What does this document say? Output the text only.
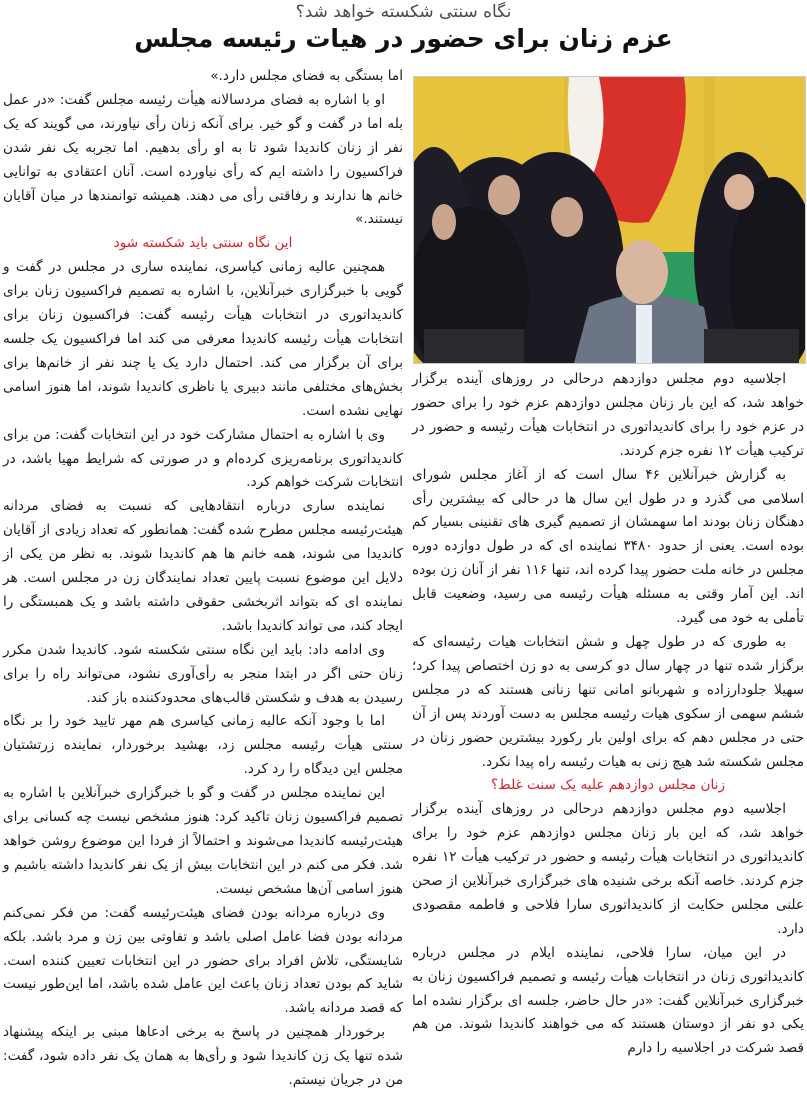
نگاه سنتی شکسته خواهد شد؟
عزم زنان برای حضور در هیات رئیسه مجلس

اما بستگی به فضای مجلس دارد.»

او با اشاره به فضای مردسالانه هیأت رئیسه مجلس گفت: «در عمل بله اما در گفت و گو خیر. برای آنکه زنان رأی نیاورند، می گویند که یک نفر از زنان کاندیدا شود تا به او رأی بدهیم. اما تجربه یک نفر شدن فراکسیون را داشته ایم که رأی نیاورده است. آنان اعتقادی به توانایی خانم ها ندارند و رفاقتی رأی می دهند. همیشه توانمندها در میان آقایان نیستند.»

این نگاه سنتی باید شکسته شود

همچنین عالیه زمانی کیاسری، نماینده ساری در مجلس در گفت و گویی با خبرگزاری خبرآنلاین، با اشاره به تصمیم فراکسیون زنان برای کاندیداتوری در انتخابات هیأت رئیسه گفت: فراکسیون زنان برای انتخابات هیأت رئیسه کاندیدا معرفی می کند اما فراکسیون یک جلسه برای آن برگزار می کند. احتمال دارد یک یا چند نفر از خانم‌ها برای بخش‌های مختلفی مانند دبیری یا ناظری کاندیدا شوند، اما هنوز اسامی نهایی نشده است.

وی با اشاره به احتمال مشارکت خود در این انتخابات گفت: من برای کاندیداتوری برنامه‌ریزی کرده‌ام و در صورتی که شرایط مهیا باشد، در انتخابات شرکت خواهم کرد.

نماینده ساری درباره انتقادهایی که نسبت به فضای مردانه هیئت‌رئیسه مجلس مطرح شده گفت: همانطور که تعداد زیادی از آقایان کاندیدا می شوند، همه خانم ها هم کاندیدا شوند. به نظر من یکی از دلایل این موضوع نسبت پایین تعداد نمایندگان زن در مجلس است. هر نماینده ای که بتواند اثربخشی حقوقی داشته باشد و یک همبستگی را ایجاد کند، می تواند کاندیدا باشد.

وی ادامه داد: باید این نگاه سنتی شکسته شود. کاندیدا شدن مکرر زنان حتی اگر در ابتدا منجر به رأی‌آوری نشود، می‌تواند راه را برای رسیدن به هدف و شکستن قالب‌های محدودکننده باز کند.

اما با وجود آنکه عالیه زمانی کیاسری هم مهر تایید خود را بر نگاه سنتی هیأت رئیسه مجلس زد، بهشید برخوردار، نماینده زرتشتیان مجلس این دیدگاه را رد کرد.

این نماینده مجلس در گفت و گو با خبرگزاری خبرآنلاین با اشاره به تصمیم فراکسیون زنان تاکید کرد: هنوز مشخص نیست چه کسانی برای هیئت‌رئیسه کاندیدا می‌شوند و احتمالاً از فردا این موضوع روشن خواهد شد. فکر می کنم در این انتخابات بیش از یک نفر کاندیدا داشته باشیم و هنوز اسامی آن‌ها مشخص نیست.

وی درباره مردانه بودن فضای هیئت‌رئیسه گفت: من فکر نمی‌کنم مردانه بودن فضا عامل اصلی باشد و تفاوتی بین زن و مرد باشد. بلکه شایستگی، تلاش افراد برای حضور در این انتخابات تعیین کننده است. شاید کم بودن تعداد زنان باعث این عامل شده باشد، اما این‌طور نیست که قصد مردانه باشد.

برخوردار همچنین در پاسخ به برخی ادعاها مبنی بر اینکه پیشنهاد شده تنها یک زن کاندیدا شود و رأی‌ها به همان یک نفر داده شود، گفت: من در جریان نیستم.

اجلاسیه دوم مجلس دوازدهم درحالی در روزهای آینده برگزار خواهد شد، که این بار زنان مجلس دوازدهم عزم خود را برای حضور در عزم خود را برای کاندیداتوری در انتخابات هیأت رئیسه و حضور در ترکیب هیأت ۱۲ نفره جزم کردند.

به گزارش خبرآنلاین ۴۶ سال است که از آغاز مجلس شورای اسلامی می گذرد و در طول این سال ها در حالی که بیشترین رأی دهنگان زنان بودند اما سهمشان از تصمیم گیری های تقنینی بسیار کم بوده است. یعنی از حدود ۳۴۸۰ نماینده ای که در طول دوازده دوره مجلس در خانه ملت حضور پیدا کرده اند، تنها ۱۱۶ نفر از آنان زن بوده اند. این آمار وقتی به مسئله هیأت رئیسه می رسید، وضعیت قابل تأملی به خود می گیرد.

به طوری که در طول چهل و شش انتخابات هیات رئیسه‌ای که برگزار شده تنها در چهار سال دو کرسی به دو زن اختصاص پیدا کرد؛ سهیلا جلودارزاده و شهربانو امانی تنها زنانی هستند که در مجلس ششم سهمی از سکوی هیات رئیسه مجلس به دست آوردند پس از آن حتی در مجلس دهم که برای اولین بار رکورد بیشترین حضور زنان در مجلس شکسته شد هیچ زنی به هیات رئیسه راه پیدا نکرد.

زنان مجلس دوازدهم علیه یک سنت غلط؟

اجلاسیه دوم مجلس دوازدهم درحالی در روزهای آینده برگزار خواهد شد، که این بار زنان مجلس دوازدهم عزم خود را برای کاندیداتوری در انتخابات هیأت رئیسه و حضور در ترکیب هیأت ۱۲ نفره جزم کردند. خاصه آنکه برخی شنیده های خبرگزاری خبرآنلاین از صحن علنی مجلس حکایت از کاندیداتوری سارا فلاحی و فاطمه مقصودی دارد.

در این میان، سارا فلاحی، نماینده ایلام در مجلس درباره کاندیداتوری زنان در انتخابات هیأت رئیسه و تصمیم فراکسیون زنان به خبرگزاری خبرآنلاین گفت: «در حال حاضر، جلسه ای برگزار نشده اما یکی دو نفر از دوستان هستند که می خواهند کاندیدا شوند. من هم قصد شرکت در اجلاسیه را دارم
